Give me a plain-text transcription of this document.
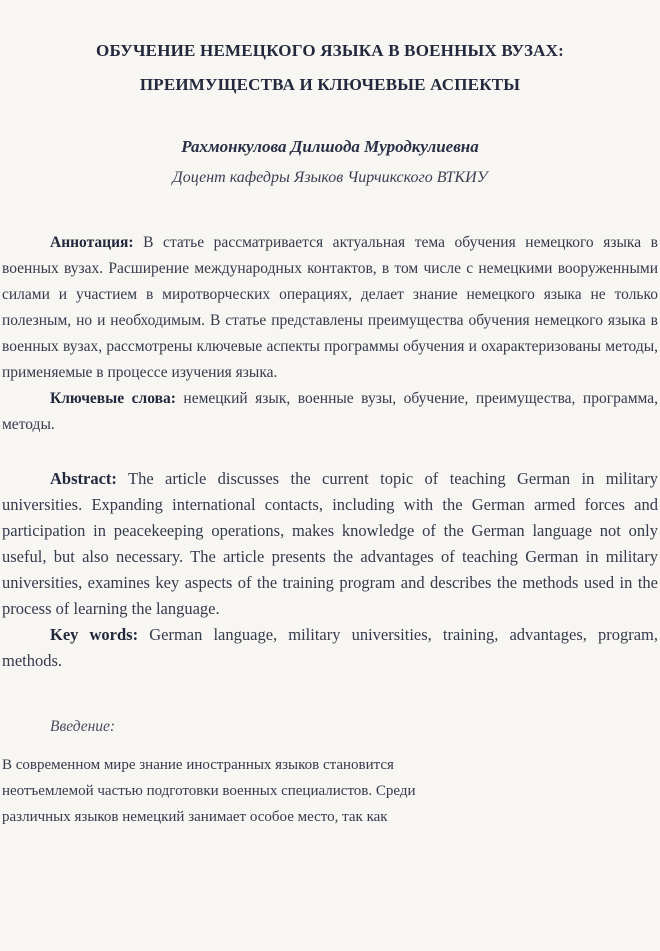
ОБУЧЕНИЕ НЕМЕЦКОГО ЯЗЫКА В ВОЕННЫХ ВУЗАХ:
ПРЕИМУЩЕСТВА И КЛЮЧЕВЫЕ АСПЕКТЫ

Рахмонкулова Дилшода Муродкулиевна

Доцент кафедры Языков Чирчикского ВТКИУ

Аннотация: В статье рассматривается актуальная тема обучения немецкого языка в военных вузах. Расширение международных контактов, в том числе с немецкими вооруженными силами и участием в миротворческих операциях, делает знание немецкого языка не только полезным, но и необходимым. В статье представлены преимущества обучения немецкого языка в военных вузах, рассмотрены ключевые аспекты программы обучения и охарактеризованы методы, применяемые в процессе изучения языка.

Ключевые слова: немецкий язык, военные вузы, обучение, преимущества, программа, методы.

Abstract: The article discusses the current topic of teaching German in military universities. Expanding international contacts, including with the German armed forces and participation in peacekeeping operations, makes knowledge of the German language not only useful, but also necessary. The article presents the advantages of teaching German in military universities, examines key aspects of the training program and describes the methods used in the process of learning the language.

Key words: German language, military universities, training, advantages, program, methods.

Введение:

В современном мире знание иностранных языков становится
неотъемлемой частью подготовки военных специалистов. Среди
различных языков немецкий занимает особое место, так как
